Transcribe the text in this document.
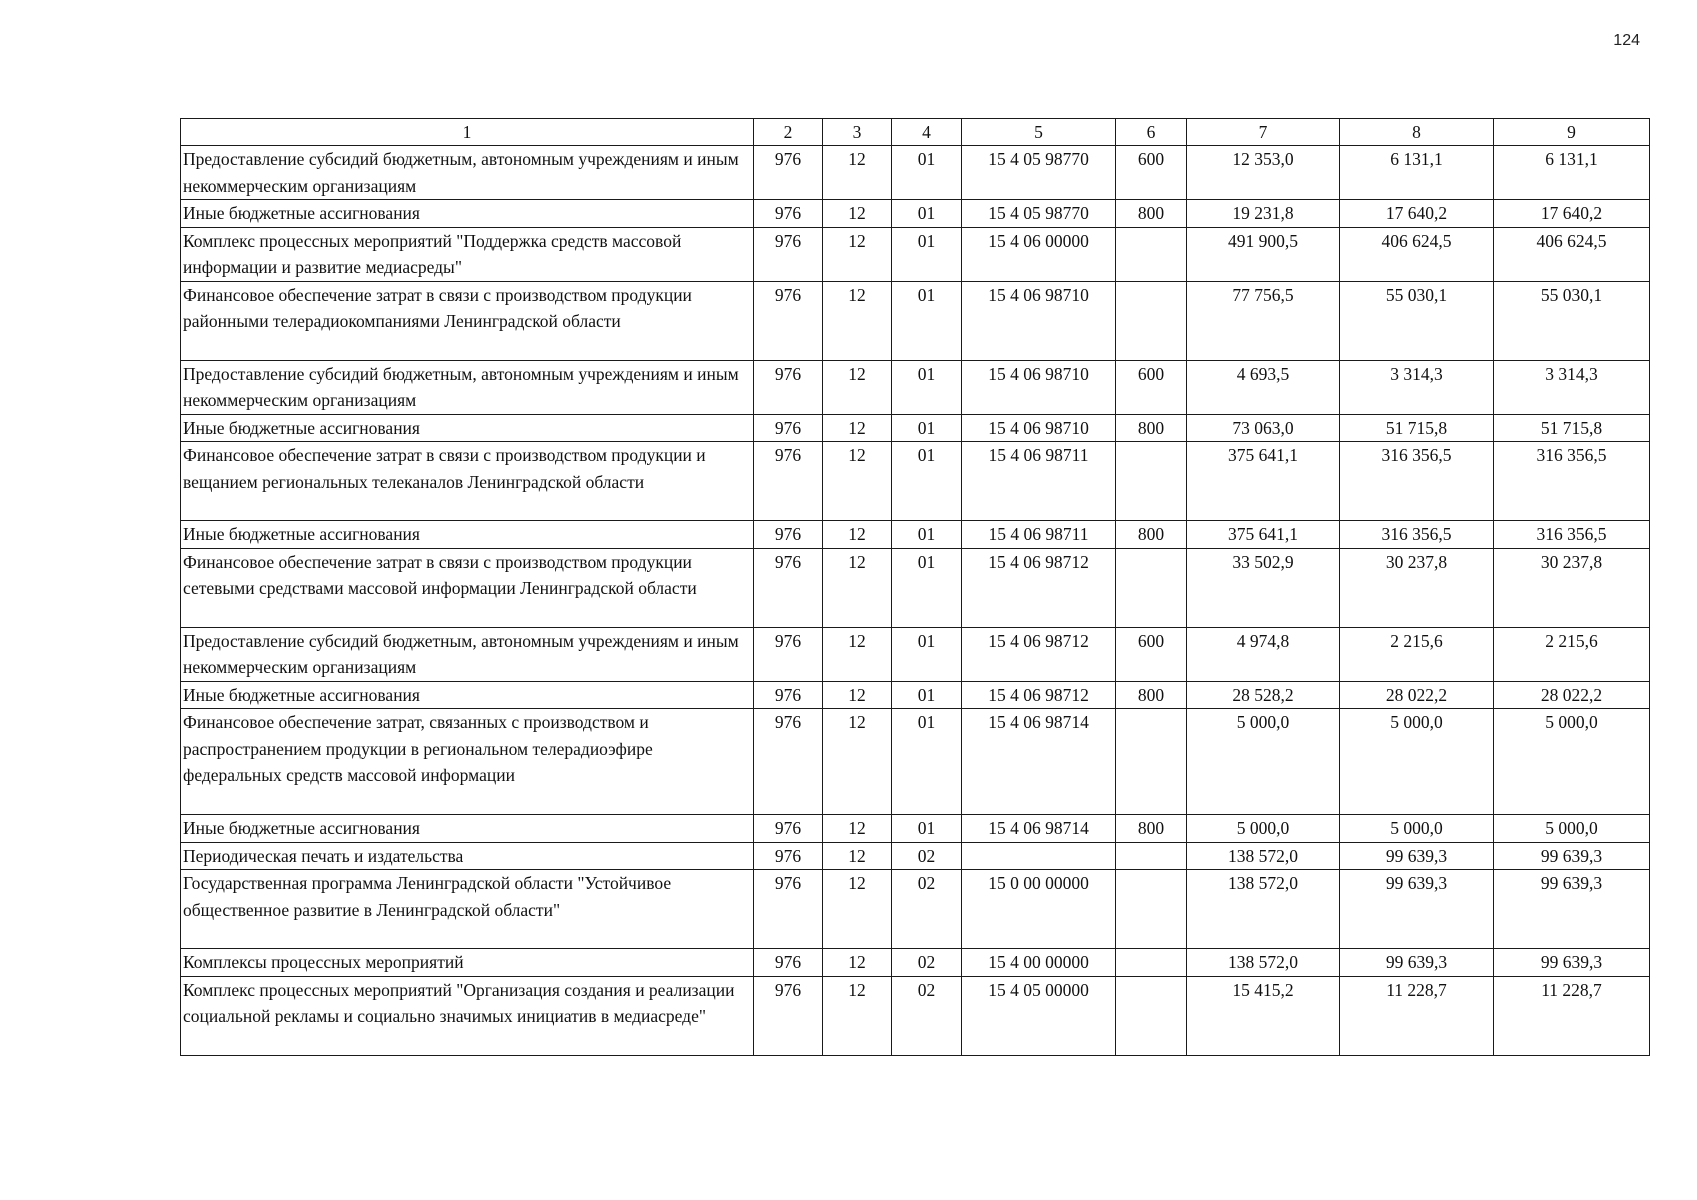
124
1	2	3	4	5	6	7	8	9
Предоставление субсидий бюджетным, автономным учреждениям и иным некоммерческим организациям	976	12	01	15 4 05 98770	600	12 353,0	6 131,1	6 131,1
Иные бюджетные ассигнования	976	12	01	15 4 05 98770	800	19 231,8	17 640,2	17 640,2
Комплекс процессных мероприятий "Поддержка средств массовой информации и развитие медиасреды"	976	12	01	15 4 06 00000		491 900,5	406 624,5	406 624,5
Финансовое обеспечение затрат в связи с производством продукции районными телерадиокомпаниями Ленинградской области	976	12	01	15 4 06 98710		77 756,5	55 030,1	55 030,1
Предоставление субсидий бюджетным, автономным учреждениям и иным некоммерческим организациям	976	12	01	15 4 06 98710	600	4 693,5	3 314,3	3 314,3
Иные бюджетные ассигнования	976	12	01	15 4 06 98710	800	73 063,0	51 715,8	51 715,8
Финансовое обеспечение затрат в связи с производством продукции и вещанием региональных телеканалов Ленинградской области	976	12	01	15 4 06 98711		375 641,1	316 356,5	316 356,5
Иные бюджетные ассигнования	976	12	01	15 4 06 98711	800	375 641,1	316 356,5	316 356,5
Финансовое обеспечение затрат в связи с производством продукции сетевыми средствами массовой информации Ленинградской области	976	12	01	15 4 06 98712		33 502,9	30 237,8	30 237,8
Предоставление субсидий бюджетным, автономным учреждениям и иным некоммерческим организациям	976	12	01	15 4 06 98712	600	4 974,8	2 215,6	2 215,6
Иные бюджетные ассигнования	976	12	01	15 4 06 98712	800	28 528,2	28 022,2	28 022,2
Финансовое обеспечение затрат, связанных с производством и распространением продукции в региональном телерадиоэфире федеральных средств массовой информации	976	12	01	15 4 06 98714		5 000,0	5 000,0	5 000,0
Иные бюджетные ассигнования	976	12	01	15 4 06 98714	800	5 000,0	5 000,0	5 000,0
Периодическая печать и издательства	976	12	02			138 572,0	99 639,3	99 639,3
Государственная программа Ленинградской области "Устойчивое общественное развитие в Ленинградской области"	976	12	02	15 0 00 00000		138 572,0	99 639,3	99 639,3
Комплексы процессных мероприятий	976	12	02	15 4 00 00000		138 572,0	99 639,3	99 639,3
Комплекс процессных мероприятий "Организация создания и реализации социальной рекламы и социально значимых инициатив в медиасреде"	976	12	02	15 4 05 00000		15 415,2	11 228,7	11 228,7
